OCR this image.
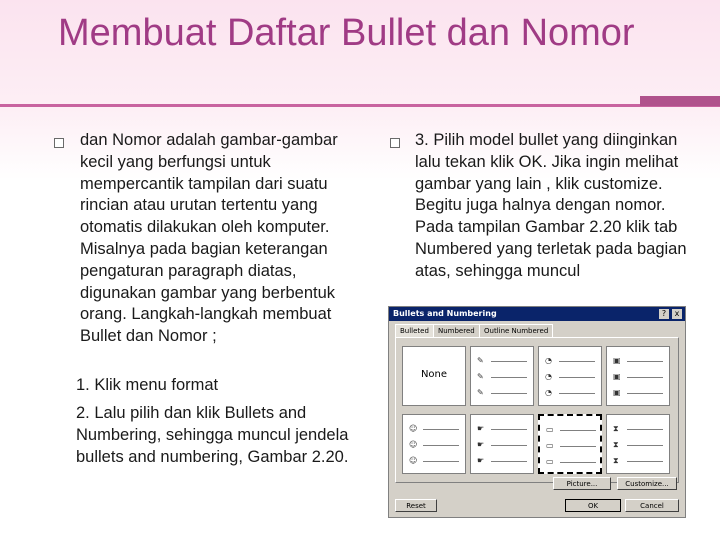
Membuat Daftar Bullet dan Nomor
dan Nomor adalah gambar-gambar kecil yang berfungsi untuk mempercantik tampilan dari suatu rincian atau urutan tertentu yang otomatis dilakukan oleh komputer. Misalnya pada bagian keterangan pengaturan paragraph diatas, digunakan gambar yang berbentuk orang. Langkah-langkah membuat Bullet dan Nomor ;
1. Klik menu format
2. Lalu pilih dan klik Bullets and Numbering, sehingga muncul jendela bullets and numbering, Gambar 2.20.
3. Pilih model bullet yang diinginkan lalu tekan klik OK. Jika ingin melihat gambar yang lain , klik customize. Begitu juga halnya dengan nomor. Pada tampilan Gambar 2.20 klik tab Numbered yang terletak pada bagian atas, sehingga muncul
Bullets and Numbering	?	x
Bulleted	Numbered	Outline Numbered
None
✎
✎
✎
◔
◔
◔
▣
▣
▣
☺
☺
☺
☛
☛
☛
▭
▭
▭
⧗
⧗
⧗
Picture...	Customize...
Reset	OK	Cancel
